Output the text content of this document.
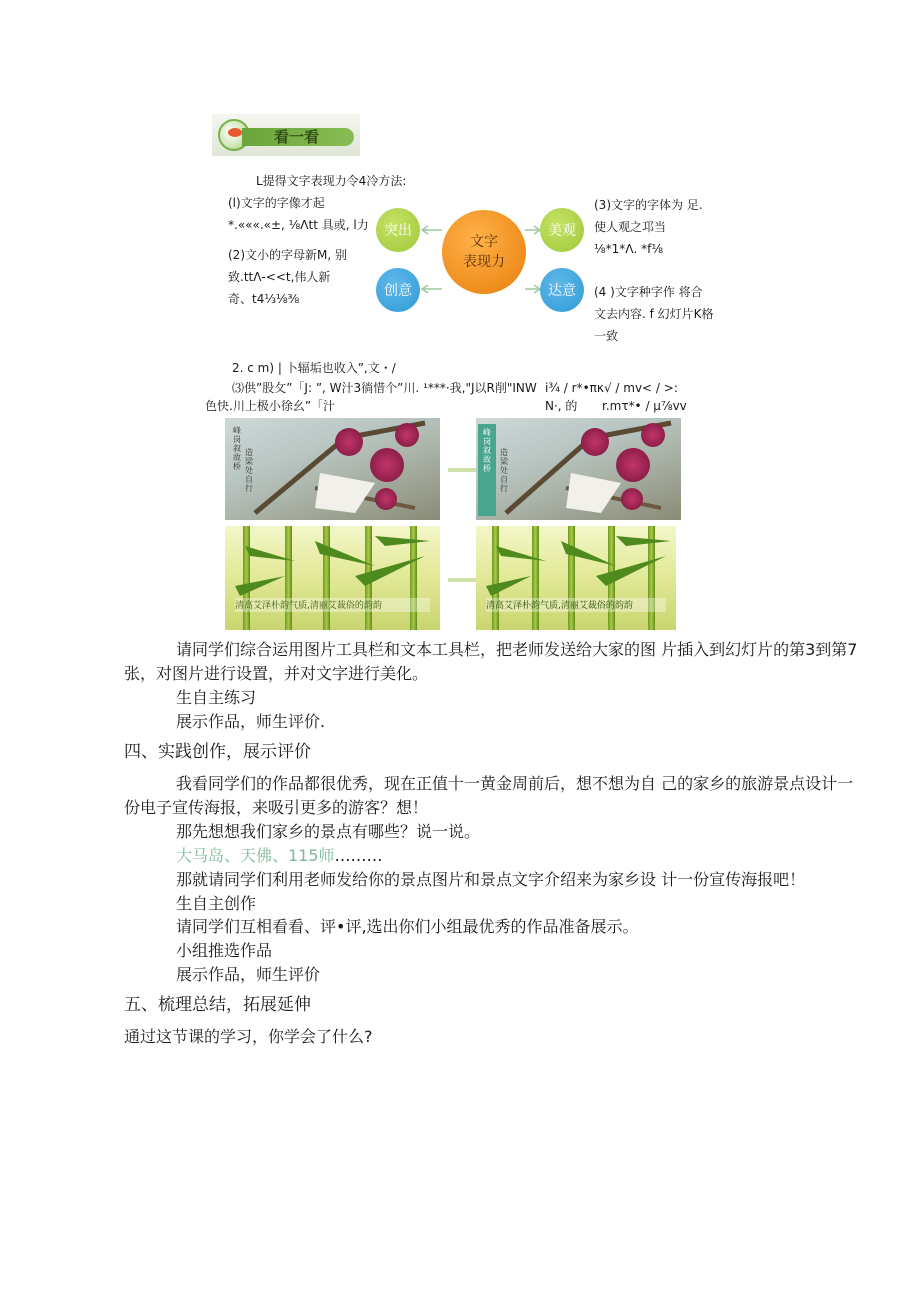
看一看
L提得文字表现力令4冷方法:
(l)文字的字像才起
*.«««.«±, ⅛Λtt 具或, l力
(2)文小的字母新M, 别
致.ttΛ-<<t,伟人新
奇、t4⅓⅛⅜
(3)文字的字体为 足.
使人观之邛当
⅛*1*Λ. *f⅛
(4 )文字种字作 将合
文去内容. f 幻灯片K格
一致
突出	美观
创意	达意
文字
表现力
2. c m) | 卜辐垢也收入”,文・/
⑶供”股攵”「J: ”, W汁3徜惜个”川. ¹***·我,"J以R削"INW i¾ / r*•πκ√ / mv< / >:
色快.川上极小徐幺”「汁	N·, 的 r.mτ*• / μ⅞vv
峰岗叙故桥
造梁处自行
峰岗叙故桥
造梁处自行
清高艾泽朴韵气质,清丽艾裁俗的韵韵	清高艾泽朴韵气质,清丽艾裁俗的韵韵
请同学们综合运用图片工具栏和文本工具栏，把老师发送给大家的图 片插入到幻灯片的第3到第7
张，对图片进行设置，并对文字进行美化。
生自主练习
展示作品，师生评价.
四、实践创作，展示评价
我看同学们的作品都很优秀，现在正值十一黄金周前后，想不想为自 己的家乡的旅游景点设计一
份电子宣传海报，来吸引更多的游客？想！
那先想想我们家乡的景点有哪些？说一说。
大马岛、天佛、115师………
那就请同学们利用老师发给你的景点图片和景点文字介绍来为家乡设 计一份宣传海报吧！
生自主创作
请同学们互相看看、评•评,选出你们小组最优秀的作品准备展示。
小组推选作品
展示作品，师生评价
五、梳理总结，拓展延伸
通过这节课的学习，你学会了什么?
